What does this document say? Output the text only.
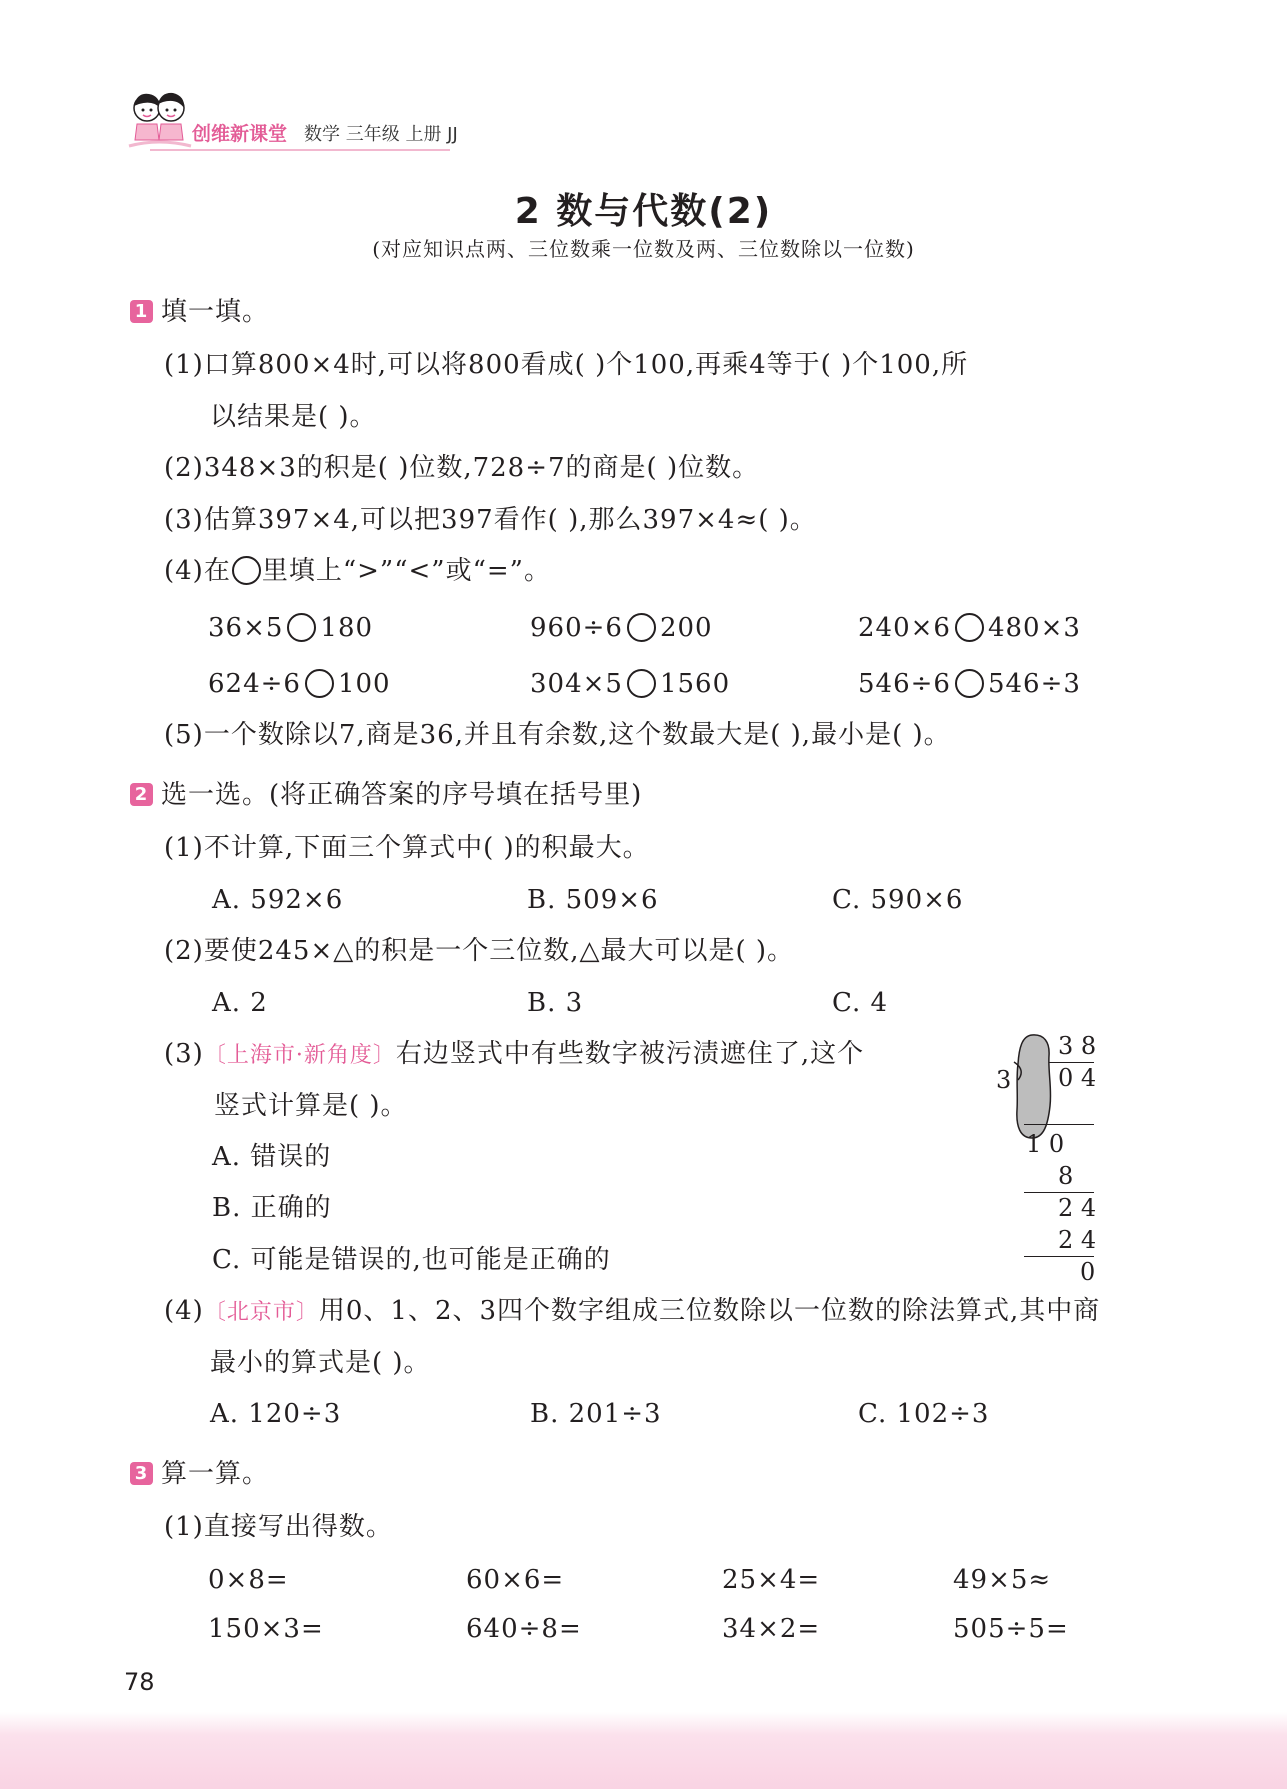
创维新课堂 数学 三年级 上册 JJ
2 数与代数(2)
(对应知识点两、三位数乘一位数及两、三位数除以一位数)
1 填一填。
(1)口算800×4时,可以将800看成( )个100,再乘4等于( )个100,所
以结果是( )。
(2)348×3的积是( )位数,728÷7的商是( )位数。
(3)估算397×4,可以把397看作( ),那么397×4≈( )。
(4)在 里填上“>”“<”或“=”。
36×5 180	960÷6 200	240×6 480×3
624÷6 100	304×5 1560	546÷6 546÷3
(5)一个数除以7,商是36,并且有余数,这个数最大是( ),最小是( )。
2 选一选。(将正确答案的序号填在括号里)
(1)不计算,下面三个算式中( )的积最大。
A. 592×6	B. 509×6	C. 590×6
(2)要使245×△的积是一个三位数,△最大可以是( )。
A. 2	B. 3	C. 4
(3)〔上海市·新角度〕右边竖式中有些数字被污渍遮住了,这个
竖式计算是( )。
A. 错误的
B. 正确的
C. 可能是错误的,也可能是正确的
3 8
3 0 4
1 0
8
2 4
2 4
0
(4)〔北京市〕用0、1、2、3四个数字组成三位数除以一位数的除法算式,其中商
最小的算式是( )。
A. 120÷3	B. 201÷3	C. 102÷3
3 算一算。
(1)直接写出得数。
0×8=	60×6=	25×4=	49×5≈
150×3=	640÷8=	34×2=	505÷5=
78
